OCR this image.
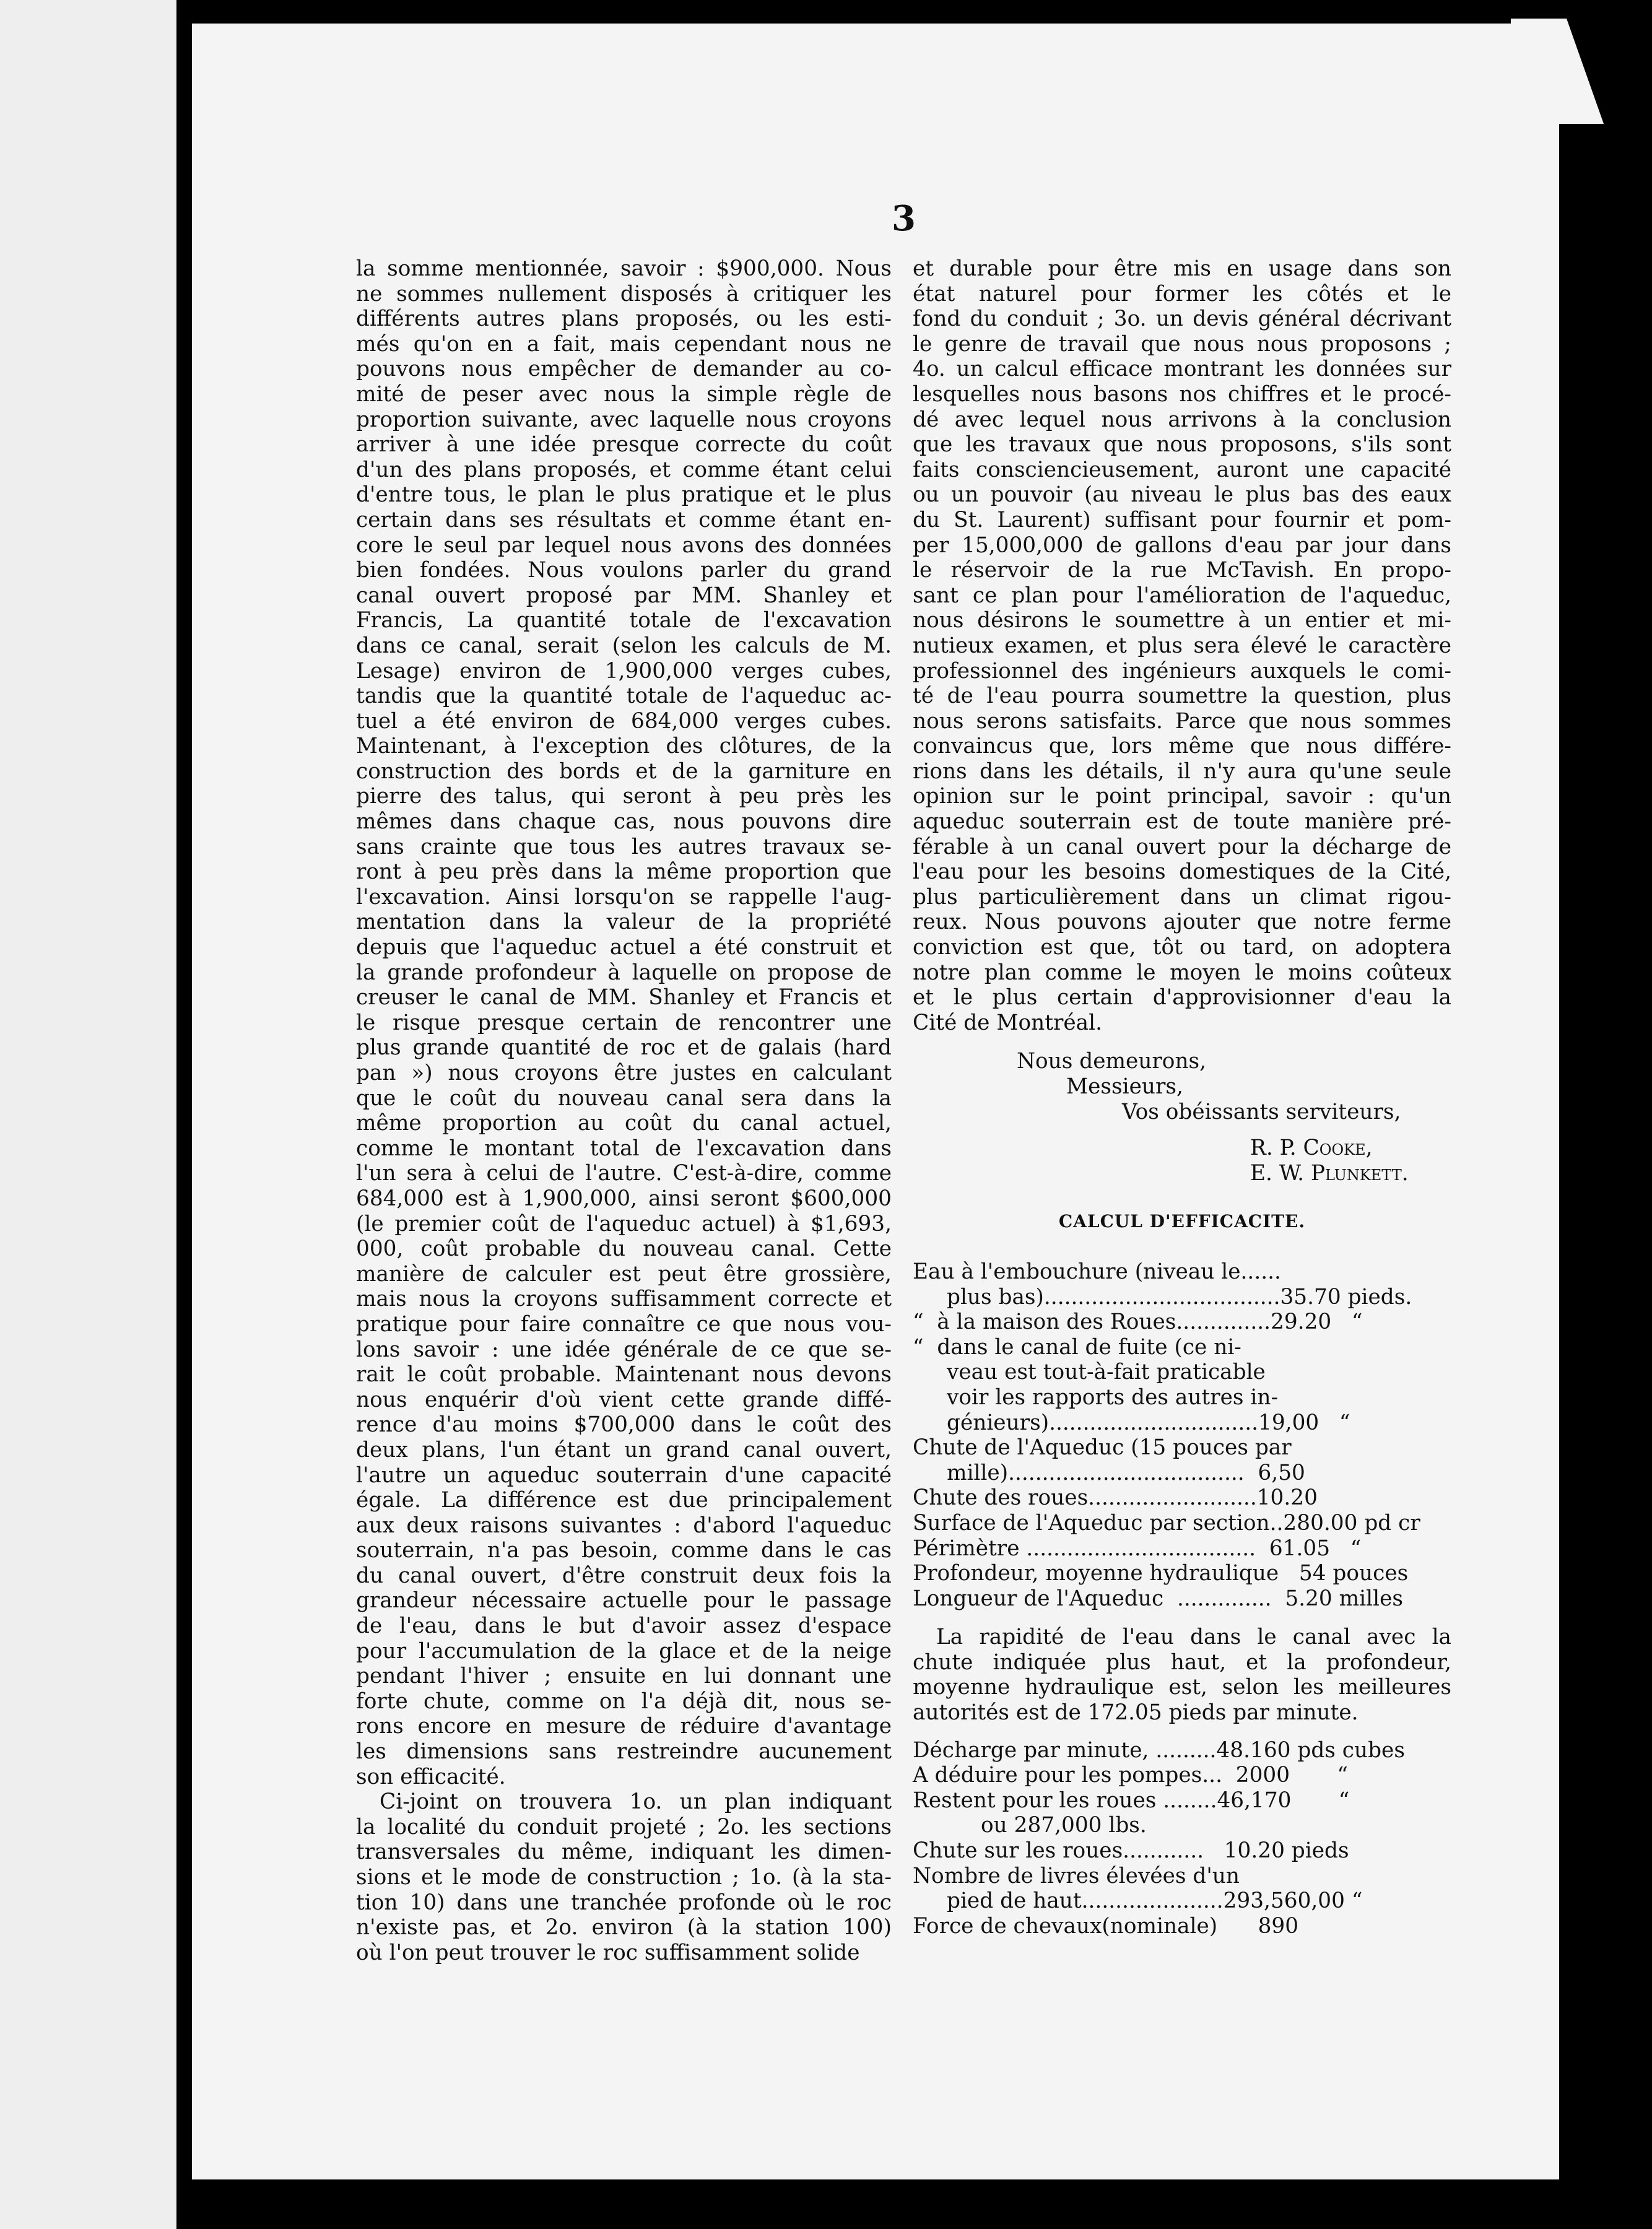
3
la somme mentionnée, savoir : $900,000. Nous
ne sommes nullement disposés à critiquer les
différents autres plans proposés, ou les esti-
més qu'on en a fait, mais cependant nous ne
pouvons nous empêcher de demander au co-
mité de peser avec nous la simple règle de
proportion suivante, avec laquelle nous croyons
arriver à une idée presque correcte du coût
d'un des plans proposés, et comme étant celui
d'entre tous, le plan le plus pratique et le plus
certain dans ses résultats et comme étant en-
core le seul par lequel nous avons des données
bien fondées. Nous voulons parler du grand
canal ouvert proposé par MM. Shanley et
Francis, La quantité totale de l'excavation
dans ce canal, serait (selon les calculs de M.
Lesage) environ de 1,900,000 verges cubes,
tandis que la quantité totale de l'aqueduc ac-
tuel a été environ de 684,000 verges cubes.
Maintenant, à l'exception des clôtures, de la
construction des bords et de la garniture en
pierre des talus, qui seront à peu près les
mêmes dans chaque cas, nous pouvons dire
sans crainte que tous les autres travaux se-
ront à peu près dans la même proportion que
l'excavation. Ainsi lorsqu'on se rappelle l'aug-
mentation dans la valeur de la propriété
depuis que l'aqueduc actuel a été construit et
la grande profondeur à laquelle on propose de
creuser le canal de MM. Shanley et Francis et
le risque presque certain de rencontrer une
plus grande quantité de roc et de galais (hard
pan ») nous croyons être justes en calculant
que le coût du nouveau canal sera dans la
même proportion au coût du canal actuel,
comme le montant total de l'excavation dans
l'un sera à celui de l'autre. C'est-à-dire, comme
684,000 est à 1,900,000, ainsi seront $600,000
(le premier coût de l'aqueduc actuel) à $1,693,
000, coût probable du nouveau canal. Cette
manière de calculer est peut être grossière,
mais nous la croyons suffisamment correcte et
pratique pour faire connaître ce que nous vou-
lons savoir : une idée générale de ce que se-
rait le coût probable. Maintenant nous devons
nous enquérir d'où vient cette grande diffé-
rence d'au moins $700,000 dans le coût des
deux plans, l'un étant un grand canal ouvert,
l'autre un aqueduc souterrain d'une capacité
égale. La différence est due principalement
aux deux raisons suivantes : d'abord l'aqueduc
souterrain, n'a pas besoin, comme dans le cas
du canal ouvert, d'être construit deux fois la
grandeur nécessaire actuelle pour le passage
de l'eau, dans le but d'avoir assez d'espace
pour l'accumulation de la glace et de la neige
pendant l'hiver ; ensuite en lui donnant une
forte chute, comme on l'a déjà dit, nous se-
rons encore en mesure de réduire d'avantage
les dimensions sans restreindre aucunement
son efficacité.
Ci-joint on trouvera 1o. un plan indiquant
la localité du conduit projeté ; 2o. les sections
transversales du même, indiquant les dimen-
sions et le mode de construction ; 1o. (à la sta-
tion 10) dans une tranchée profonde où le roc
n'existe pas, et 2o. environ (à la station 100)
où l'on peut trouver le roc suffisamment solide
et durable pour être mis en usage dans son
état naturel pour former les côtés et le
fond du conduit ; 3o. un devis général décrivant
le genre de travail que nous nous proposons ;
4o. un calcul efficace montrant les données sur
lesquelles nous basons nos chiffres et le procé-
dé avec lequel nous arrivons à la conclusion
que les travaux que nous proposons, s'ils sont
faits consciencieusement, auront une capacité
ou un pouvoir (au niveau le plus bas des eaux
du St. Laurent) suffisant pour fournir et pom-
per 15,000,000 de gallons d'eau par jour dans
le réservoir de la rue McTavish. En propo-
sant ce plan pour l'amélioration de l'aqueduc,
nous désirons le soumettre à un entier et mi-
nutieux examen, et plus sera élevé le caractère
professionnel des ingénieurs auxquels le comi-
té de l'eau pourra soumettre la question, plus
nous serons satisfaits. Parce que nous sommes
convaincus que, lors même que nous différe-
rions dans les détails, il n'y aura qu'une seule
opinion sur le point principal, savoir : qu'un
aqueduc souterrain est de toute manière pré-
férable à un canal ouvert pour la décharge de
l'eau pour les besoins domestiques de la Cité,
plus particulièrement dans un climat rigou-
reux. Nous pouvons ajouter que notre ferme
conviction est que, tôt ou tard, on adoptera
notre plan comme le moyen le moins coûteux
et le plus certain d'approvisionner d'eau la
Cité de Montréal.
Nous demeurons,
Messieurs,
Vos obéissants serviteurs,
R. P. Cooke,
E. W. Plunkett.
CALCUL D'EFFICACITE.
Eau à l'embouchure (niveau le......
plus bas)...................................35.70 pieds.
“  à la maison des Roues..............29.20   “
“  dans le canal de fuite (ce ni-
veau est tout-à-fait praticable
voir les rapports des autres in-
génieurs)...............................19,00   “
Chute de l'Aqueduc (15 pouces par
mille)...................................  6,50
Chute des roues.........................10.20
Surface de l'Aqueduc par section..280.00 pd cr
Périmètre ..................................  61.05   “
Profondeur, moyenne hydraulique   54 pouces
Longueur de l'Aqueduc  ..............  5.20 milles
La rapidité de l'eau dans le canal avec la
chute indiquée plus haut, et la profondeur,
moyenne hydraulique est, selon les meilleures
autorités est de 172.05 pieds par minute.
Décharge par minute, .........48.160 pds cubes
A déduire pour les pompes...  2000       “
Restent pour les roues ........46,170       “
ou 287,000 lbs.
Chute sur les roues............   10.20 pieds
Nombre de livres élevées d'un
pied de haut.....................293,560,00 “
Force de chevaux(nominale)      890
